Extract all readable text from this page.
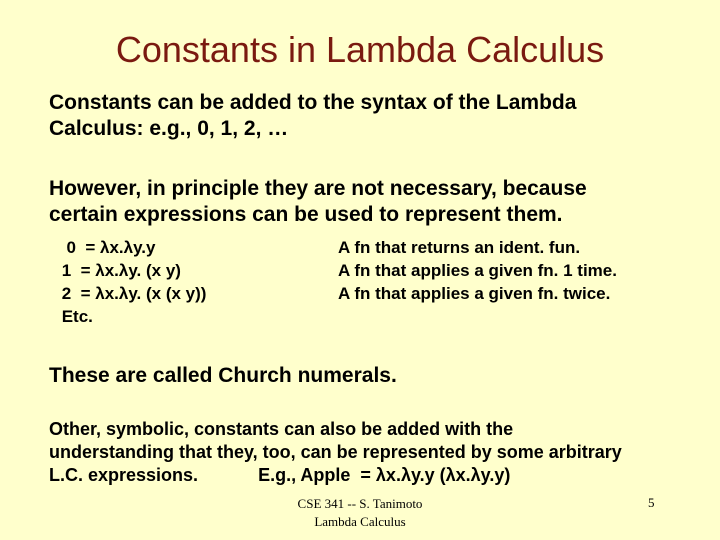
Constants in Lambda Calculus
Constants can be added to the syntax of the Lambda
Calculus: e.g., 0, 1, 2, …
However, in principle they are not necessary, because
certain expressions can be used to represent them.
0  = λx.λy.y
1  = λx.λy. (x y)
2  = λx.λy. (x (x y))
Etc.
A fn that returns an ident. fun.
A fn that applies a given fn. 1 time.
A fn that applies a given fn. twice.
These are called Church numerals.
Other, symbolic, constants can also be added with the
understanding that they, too, can be represented by some arbitrary
L.C. expressions.            E.g., Apple  = λx.λy.y (λx.λy.y)
CSE 341 -- S. Tanimoto
Lambda Calculus
5
